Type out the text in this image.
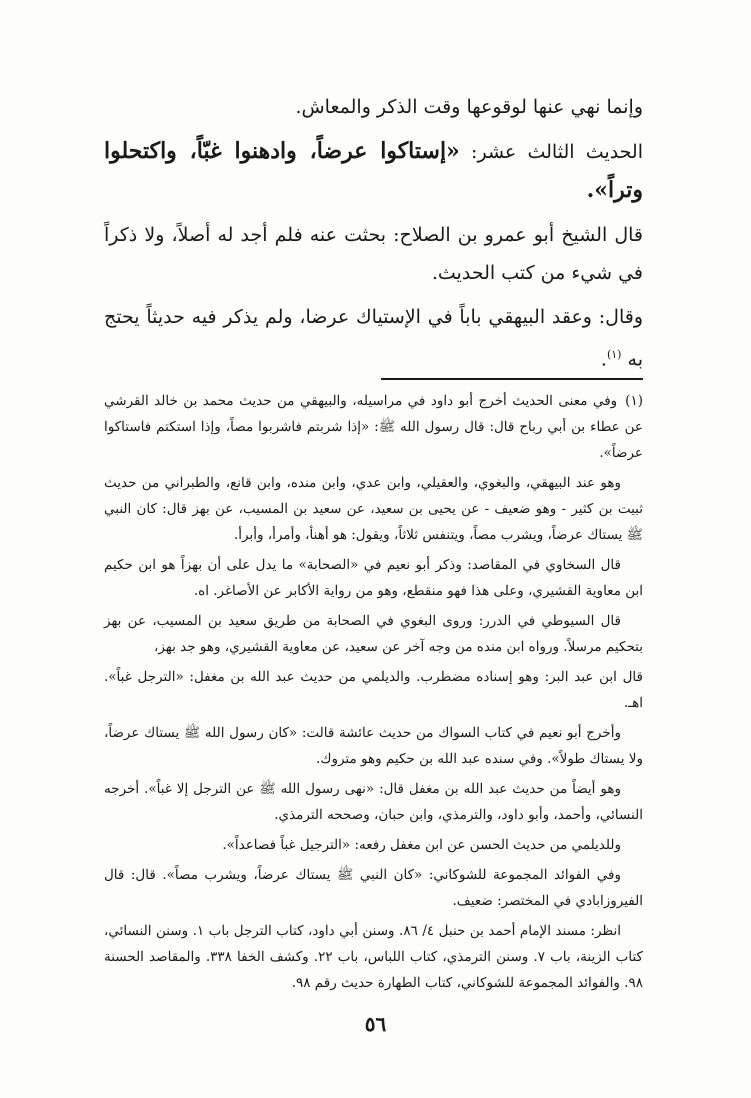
وإنما نهي عنها لوقوعها وقت الذكر والمعاش.

الحديث الثالث عشر: «إستاكوا عرضاً، وادهنوا غبّاً، واكتحلوا وتراً».

قال الشيخ أبو عمرو بن الصلاح: بحثت عنه فلم أجد له أصلاً، ولا ذكراً في شيء من كتب الحديث.

وقال: وعقد البيهقي باباً في الإستياك عرضا، ولم يذكر فيه حديثاً يحتج به $^{(١)}$.

(١)وفي معنى الحديث أخرج أبو داود في مراسيله، والبيهقي من حديث محمد بن خالد القرشي عن عطاء بن أبي رباح قال: قال رسول الله ﷺ: «إذا شربتم فاشربوا مصاً، وإذا استكتم فاستاكوا عرضاً».

وهو عند البيهقي، والبغوي، والعقيلي، وابن عدي، وابن منده، وابن قانع، والطبراني من حديث ثبيت بن كثير - وهو ضعيف - عن يحيى بن سعيد، عن سعيد بن المسيب، عن بهز قال: كان النبي ﷺ يستاك عرضاً، ويشرب مصاً، ويتنفس ثلاثاً، ويقول: هو أهنأ، وأمرأ، وأبرأ.

قال السخاوي في المقاصد: وذكر أبو نعيم في «الصحابة» ما يدل على أن بهزاً هو ابن حكيم ابن معاوية القشيري، وعلى هذا فهو منقطع، وهو من رواية الأكابر عن الأصاغر. اه.

قال السيوطي في الدرر: وروى البغوي في الصحابة من طريق سعيد بن المسيب، عن بهز بتحكيم مرسلاً. ورواه ابن منده من وجه آخر عن سعيد، عن معاوية القشيري، وهو جد بهز،

قال ابن عبد البر: وهو إسناده مضطرب. والديلمي من حديث عبد الله بن مغفل: «الترجل غباً». اهـ.

وأخرج أبو نعيم في كتاب السواك من حديث عائشة قالت: «كان رسول الله ﷺ يستاك عرضاً، ولا يستاك طولاً». وفي سنده عبد الله بن حكيم وهو متروك.

وهو أيضاً من حديث عبد الله بن مغفل قال: «نهى رسول الله ﷺ عن الترجل إلا غباً». أخرجه النسائي، وأحمد، وأبو داود، والترمذي، وابن حبان، وصححه الترمذي.

وللديلمي من حديث الحسن عن ابن مغفل رفعه: «الترجيل غباً فصاعداً».

وفي الفوائد المجموعة للشوكاني: «كان النبي ﷺ يستاك عرضاً، ويشرب مصاً». قال: قال الفيروزابادي في المختصر: ضعيف.

انظر: مسند الإمام أحمد بن حنبل ٤/ ٨٦. وسنن أبي داود، كتاب الترجل باب ١. وسنن النسائي، كتاب الزينة، باب ٧. وسنن الترمذي، كتاب اللباس، باب ٢٢. وكشف الخفا ٣٣٨. والمقاصد الحسنة ٩٨. والفوائد المجموعة للشوكاني، كتاب الطهارة حديث رقم ٩٨.

٥٦
